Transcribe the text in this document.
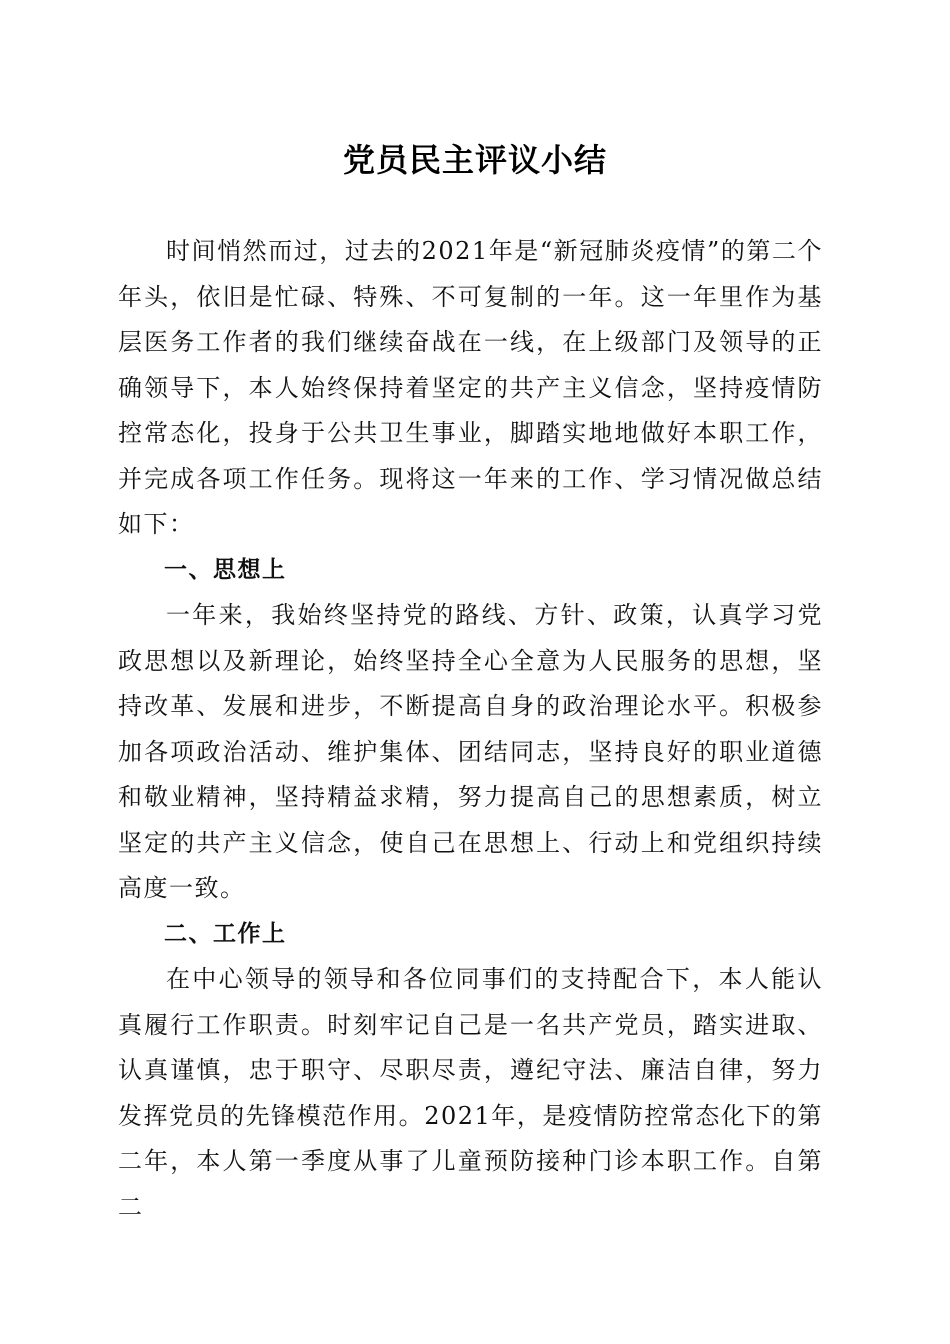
党员民主评议小结

时间悄然而过，过去的2021年是“新冠肺炎疫情”的第二个年头，依旧是忙碌、特殊、不可复制的一年。这一年里作为基层医务工作者的我们继续奋战在一线，在上级部门及领导的正确领导下，本人始终保持着坚定的共产主义信念，坚持疫情防控常态化，投身于公共卫生事业，脚踏实地地做好本职工作，并完成各项工作任务。现将这一年来的工作、学习情况做总结如下：

一、思想上

一年来，我始终坚持党的路线、方针、政策，认真学习党政思想以及新理论，始终坚持全心全意为人民服务的思想，坚持改革、发展和进步，不断提高自身的政治理论水平。积极参加各项政治活动、维护集体、团结同志，坚持良好的职业道德和敬业精神，坚持精益求精，努力提高自己的思想素质，树立坚定的共产主义信念，使自己在思想上、行动上和党组织持续高度一致。

二、工作上

在中心领导的领导和各位同事们的支持配合下，本人能认真履行工作职责。时刻牢记自己是一名共产党员，踏实进取、认真谨慎，忠于职守、尽职尽责，遵纪守法、廉洁自律，努力发挥党员的先锋模范作用。2021年，是疫情防控常态化下的第二年，本人第一季度从事了儿童预防接种门诊本职工作。自第二
